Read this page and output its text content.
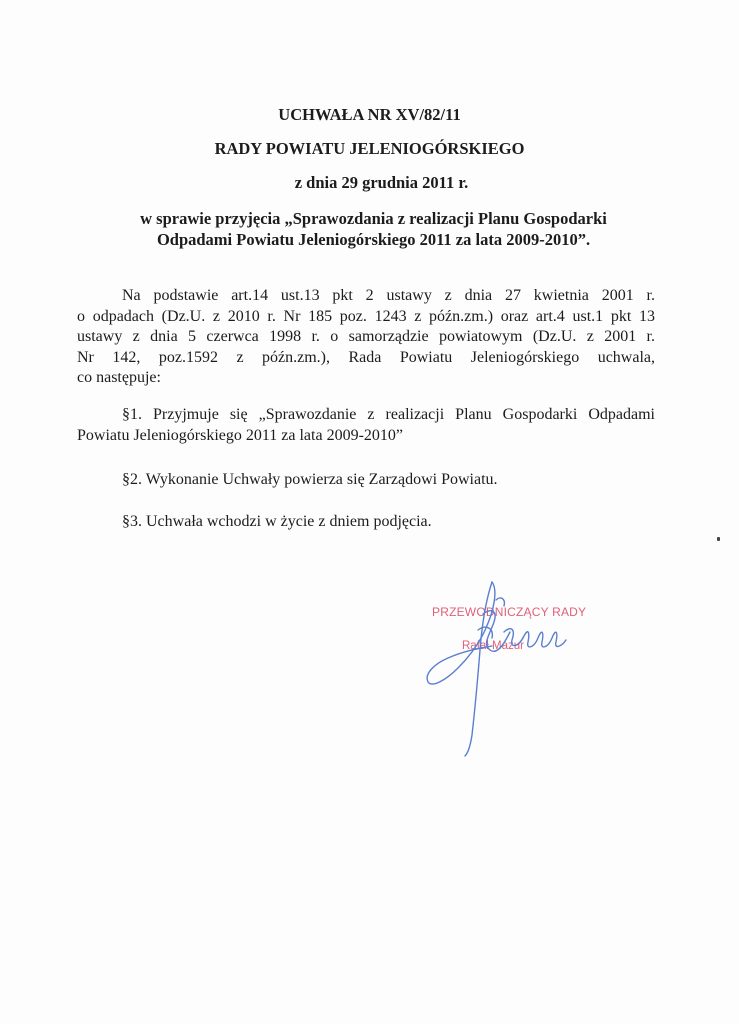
UCHWAŁA NR XV/82/11
RADY POWIATU JELENIOGÓRSKIEGO
z dnia 29 grudnia 2011 r.
w sprawie przyjęcia „Sprawozdania z realizacji Planu Gospodarki
Odpadami Powiatu Jeleniogórskiego 2011 za lata 2009-2010”.
Na podstawie art.14 ust.13 pkt 2 ustawy z dnia 27 kwietnia 2001 r.
o odpadach (Dz.U. z 2010 r. Nr 185 poz. 1243 z późn.zm.) oraz art.4 ust.1 pkt 13
ustawy z dnia 5 czerwca 1998 r. o samorządzie powiatowym (Dz.U. z 2001 r.
Nr 142, poz.1592 z późn.zm.), Rada Powiatu Jeleniogórskiego uchwala,
co następuje:
§1. Przyjmuje się „Sprawozdanie z realizacji Planu Gospodarki Odpadami
Powiatu Jeleniogórskiego 2011 za lata 2009-2010”
§2. Wykonanie Uchwały powierza się Zarządowi Powiatu.
§3. Uchwała wchodzi w życie z dniem podjęcia.
PRZEWODNICZĄCY RADY
Rafał Mazur
